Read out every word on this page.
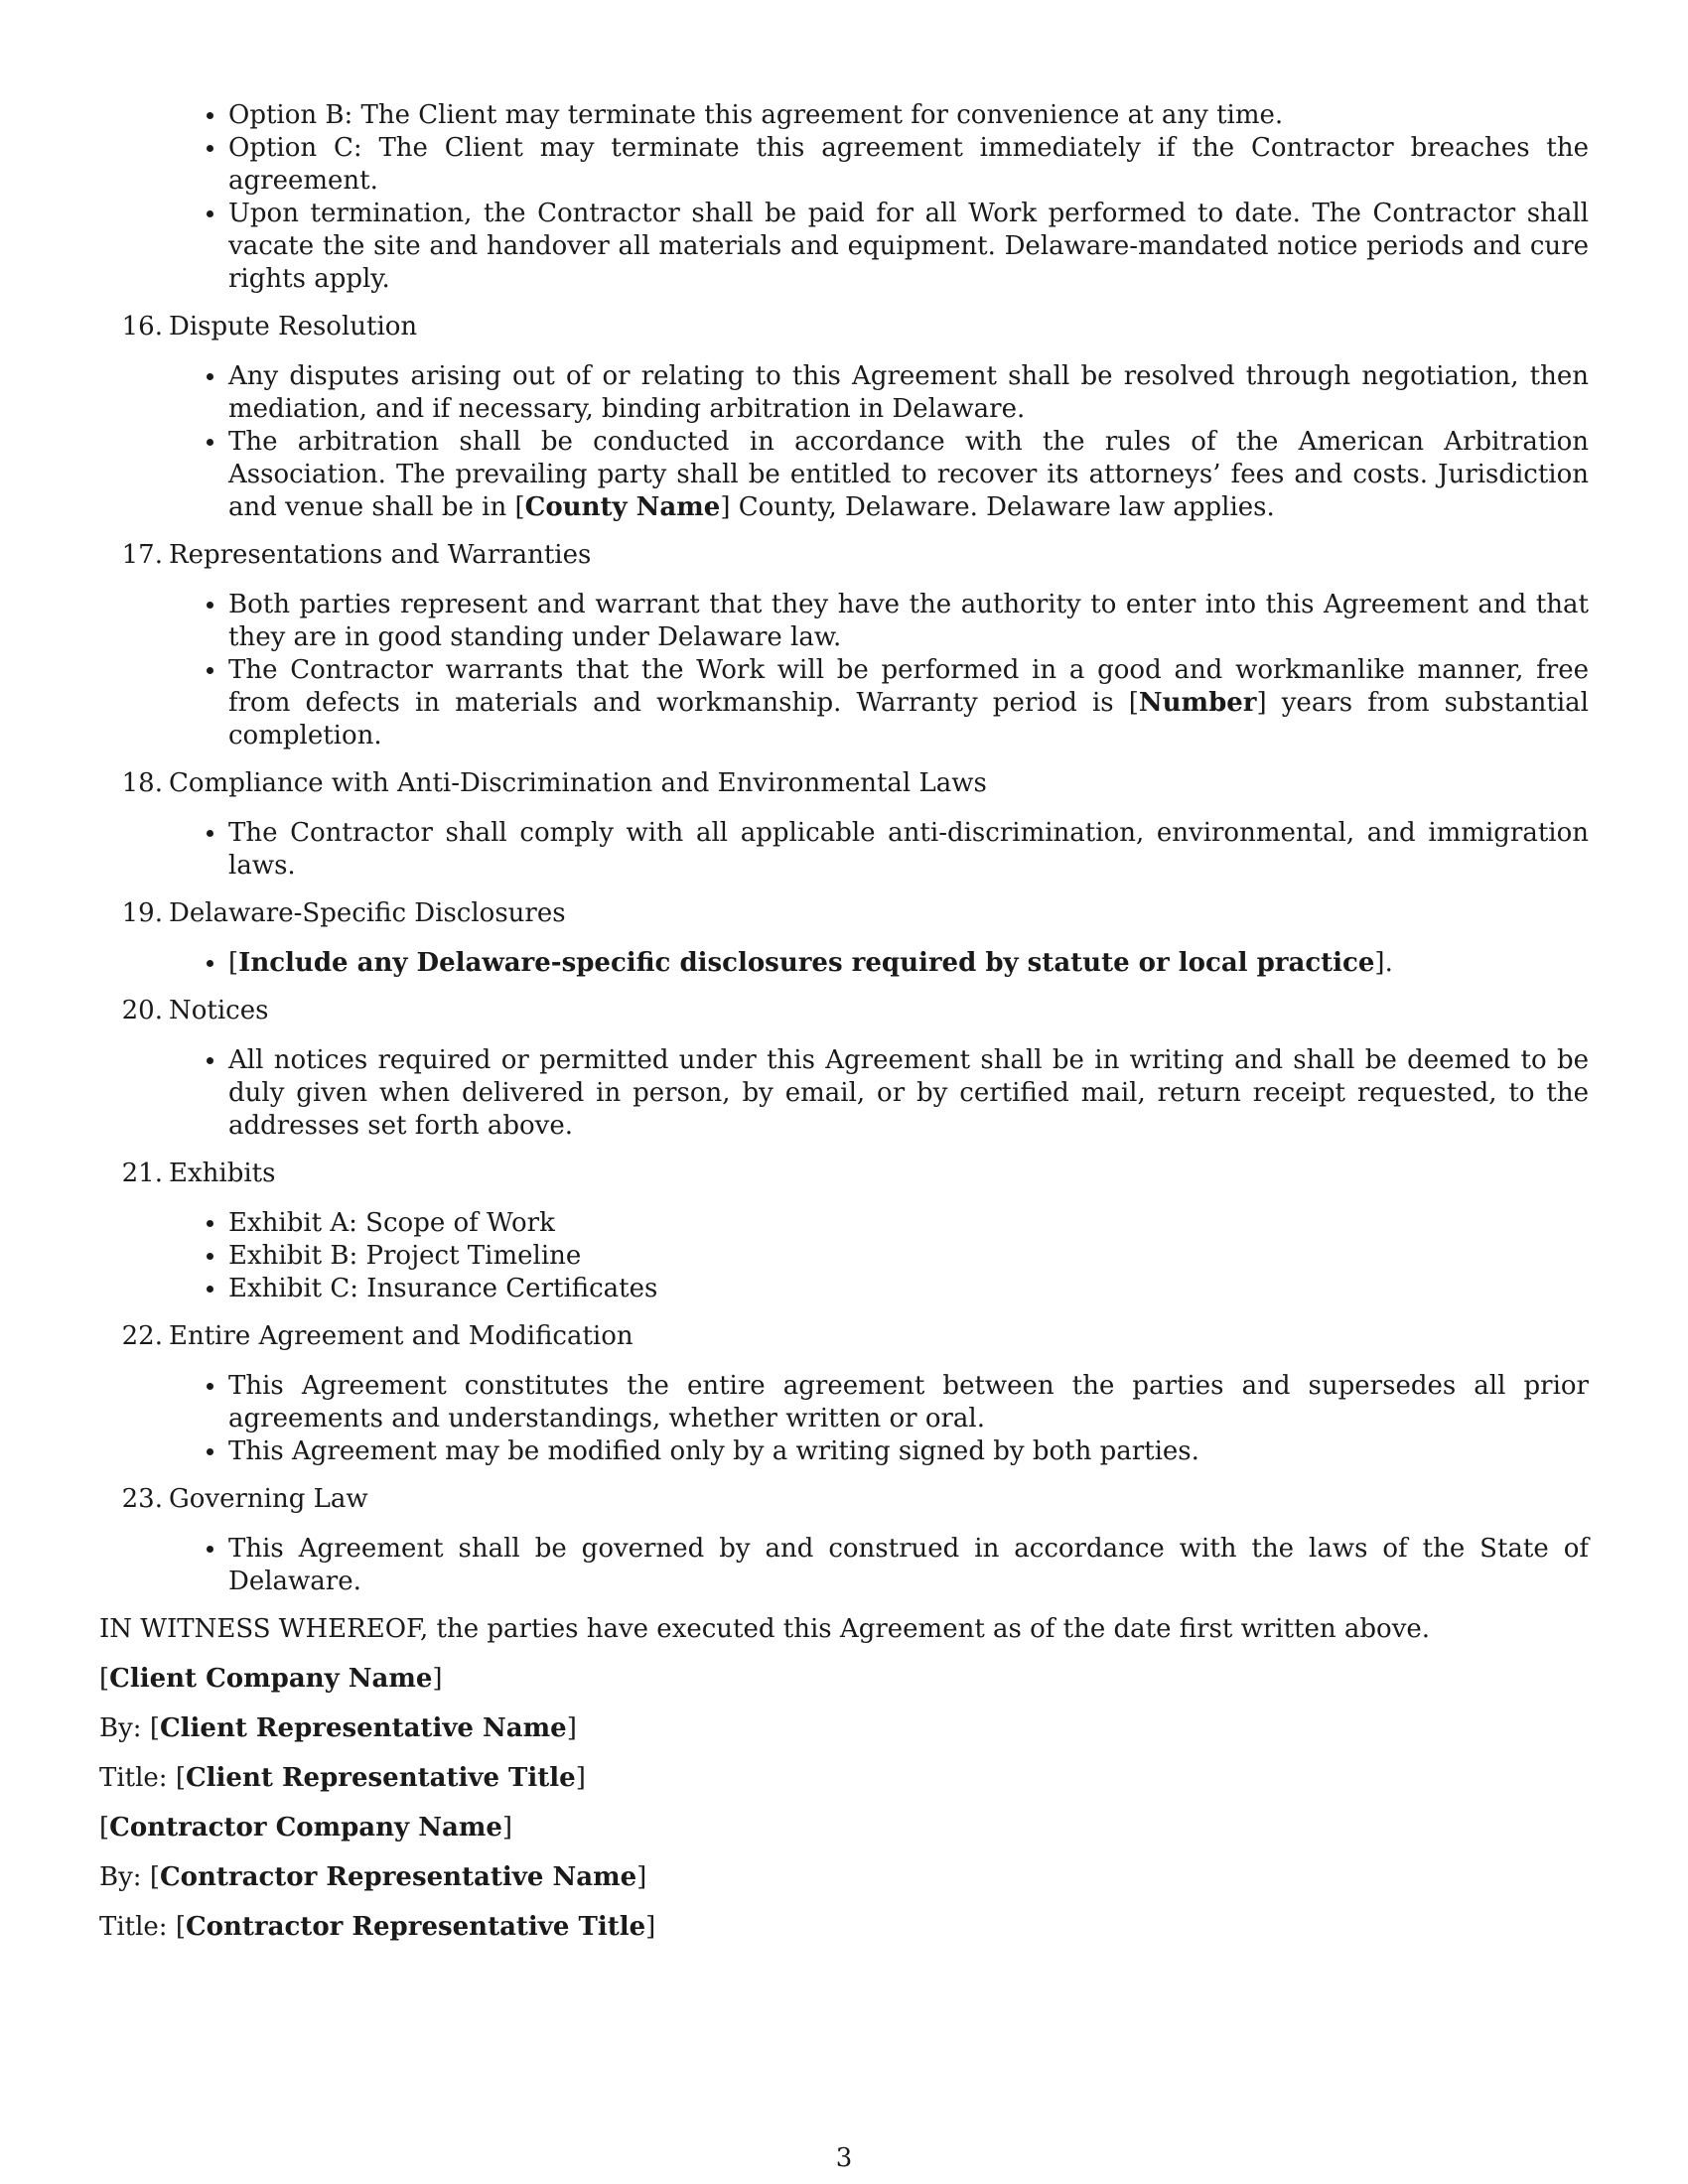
Option B: The Client may terminate this agreement for convenience at any time.
Option C: The Client may terminate this agreement immediately if the Contractor breaches the agreement.
Upon termination, the Contractor shall be paid for all Work performed to date. The Contractor shall vacate the site and handover all materials and equipment. Delaware-mandated notice periods and cure rights apply.
16. Dispute Resolution
Any disputes arising out of or relating to this Agreement shall be resolved through negotiation, then mediation, and if necessary, binding arbitration in Delaware.
The arbitration shall be conducted in accordance with the rules of the American Arbitration Association. The prevailing party shall be entitled to recover its attorneys’ fees and costs. Jurisdiction and venue shall be in [County Name] County, Delaware. Delaware law applies.
17. Representations and Warranties
Both parties represent and warrant that they have the authority to enter into this Agreement and that they are in good standing under Delaware law.
The Contractor warrants that the Work will be performed in a good and workmanlike manner, free from defects in materials and workmanship. Warranty period is [Number] years from substantial completion.
18. Compliance with Anti-Discrimination and Environmental Laws
The Contractor shall comply with all applicable anti-discrimination, environmental, and immigration laws.
19. Delaware-Specific Disclosures
[Include any Delaware-specific disclosures required by statute or local practice].
20. Notices
All notices required or permitted under this Agreement shall be in writing and shall be deemed to be duly given when delivered in person, by email, or by certified mail, return receipt requested, to the addresses set forth above.
21. Exhibits
Exhibit A: Scope of Work
Exhibit B: Project Timeline
Exhibit C: Insurance Certificates
22. Entire Agreement and Modification
This Agreement constitutes the entire agreement between the parties and supersedes all prior agreements and understandings, whether written or oral.
This Agreement may be modified only by a writing signed by both parties.
23. Governing Law
This Agreement shall be governed by and construed in accordance with the laws of the State of Delaware.

IN WITNESS WHEREOF, the parties have executed this Agreement as of the date first written above.

[Client Company Name]
By: [Client Representative Name]
Title: [Client Representative Title]
[Contractor Company Name]
By: [Contractor Representative Name]
Title: [Contractor Representative Title]
3
